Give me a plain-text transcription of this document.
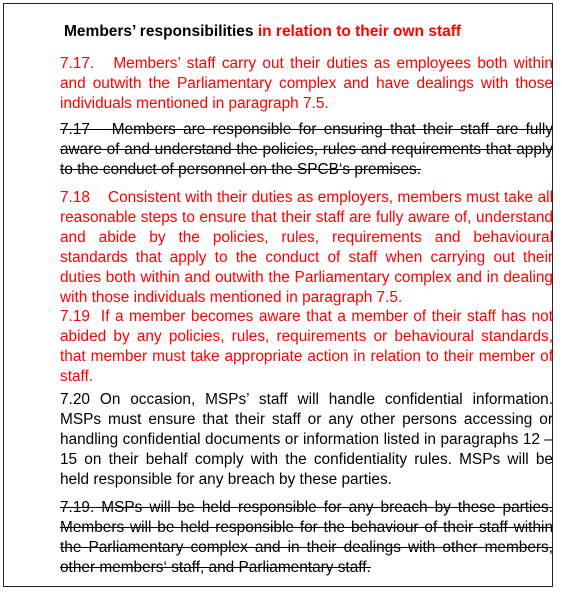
Members’ responsibilities in relation to their own staff

7.17. Members’ staff carry out their duties as employees both within and outwith the Parliamentary complex and have dealings with those individuals mentioned in paragraph 7.5.

7.17 Members are responsible for ensuring that their staff are fully aware of and understand the policies, rules and requirements that apply to the conduct of personnel on the SPCB‘s premises.

7.18 Consistent with their duties as employers, members must take all reasonable steps to ensure that their staff are fully aware of, understand and abide by the policies, rules, requirements and behavioural standards that apply to the conduct of staff when carrying out their duties both within and outwith the Parliamentary complex and in dealing with those individuals mentioned in paragraph 7.5.

7.19 If a member becomes aware that a member of their staff has not abided by any policies, rules, requirements or behavioural standards, that member must take appropriate action in relation to their member of staff.

7.20 On occasion, MSPs’ staff will handle confidential information. MSPs must ensure that their staff or any other persons accessing or handling confidential documents or information listed in paragraphs 12 – 15 on their behalf comply with the confidentiality rules. MSPs will be held responsible for any breach by these parties.

7.19. MSPs will be held responsible for any breach by these parties. Members will be held responsible for the behaviour of their staff within the Parliamentary complex and in their dealings with other members, other members‘ staff, and Parliamentary staff.
